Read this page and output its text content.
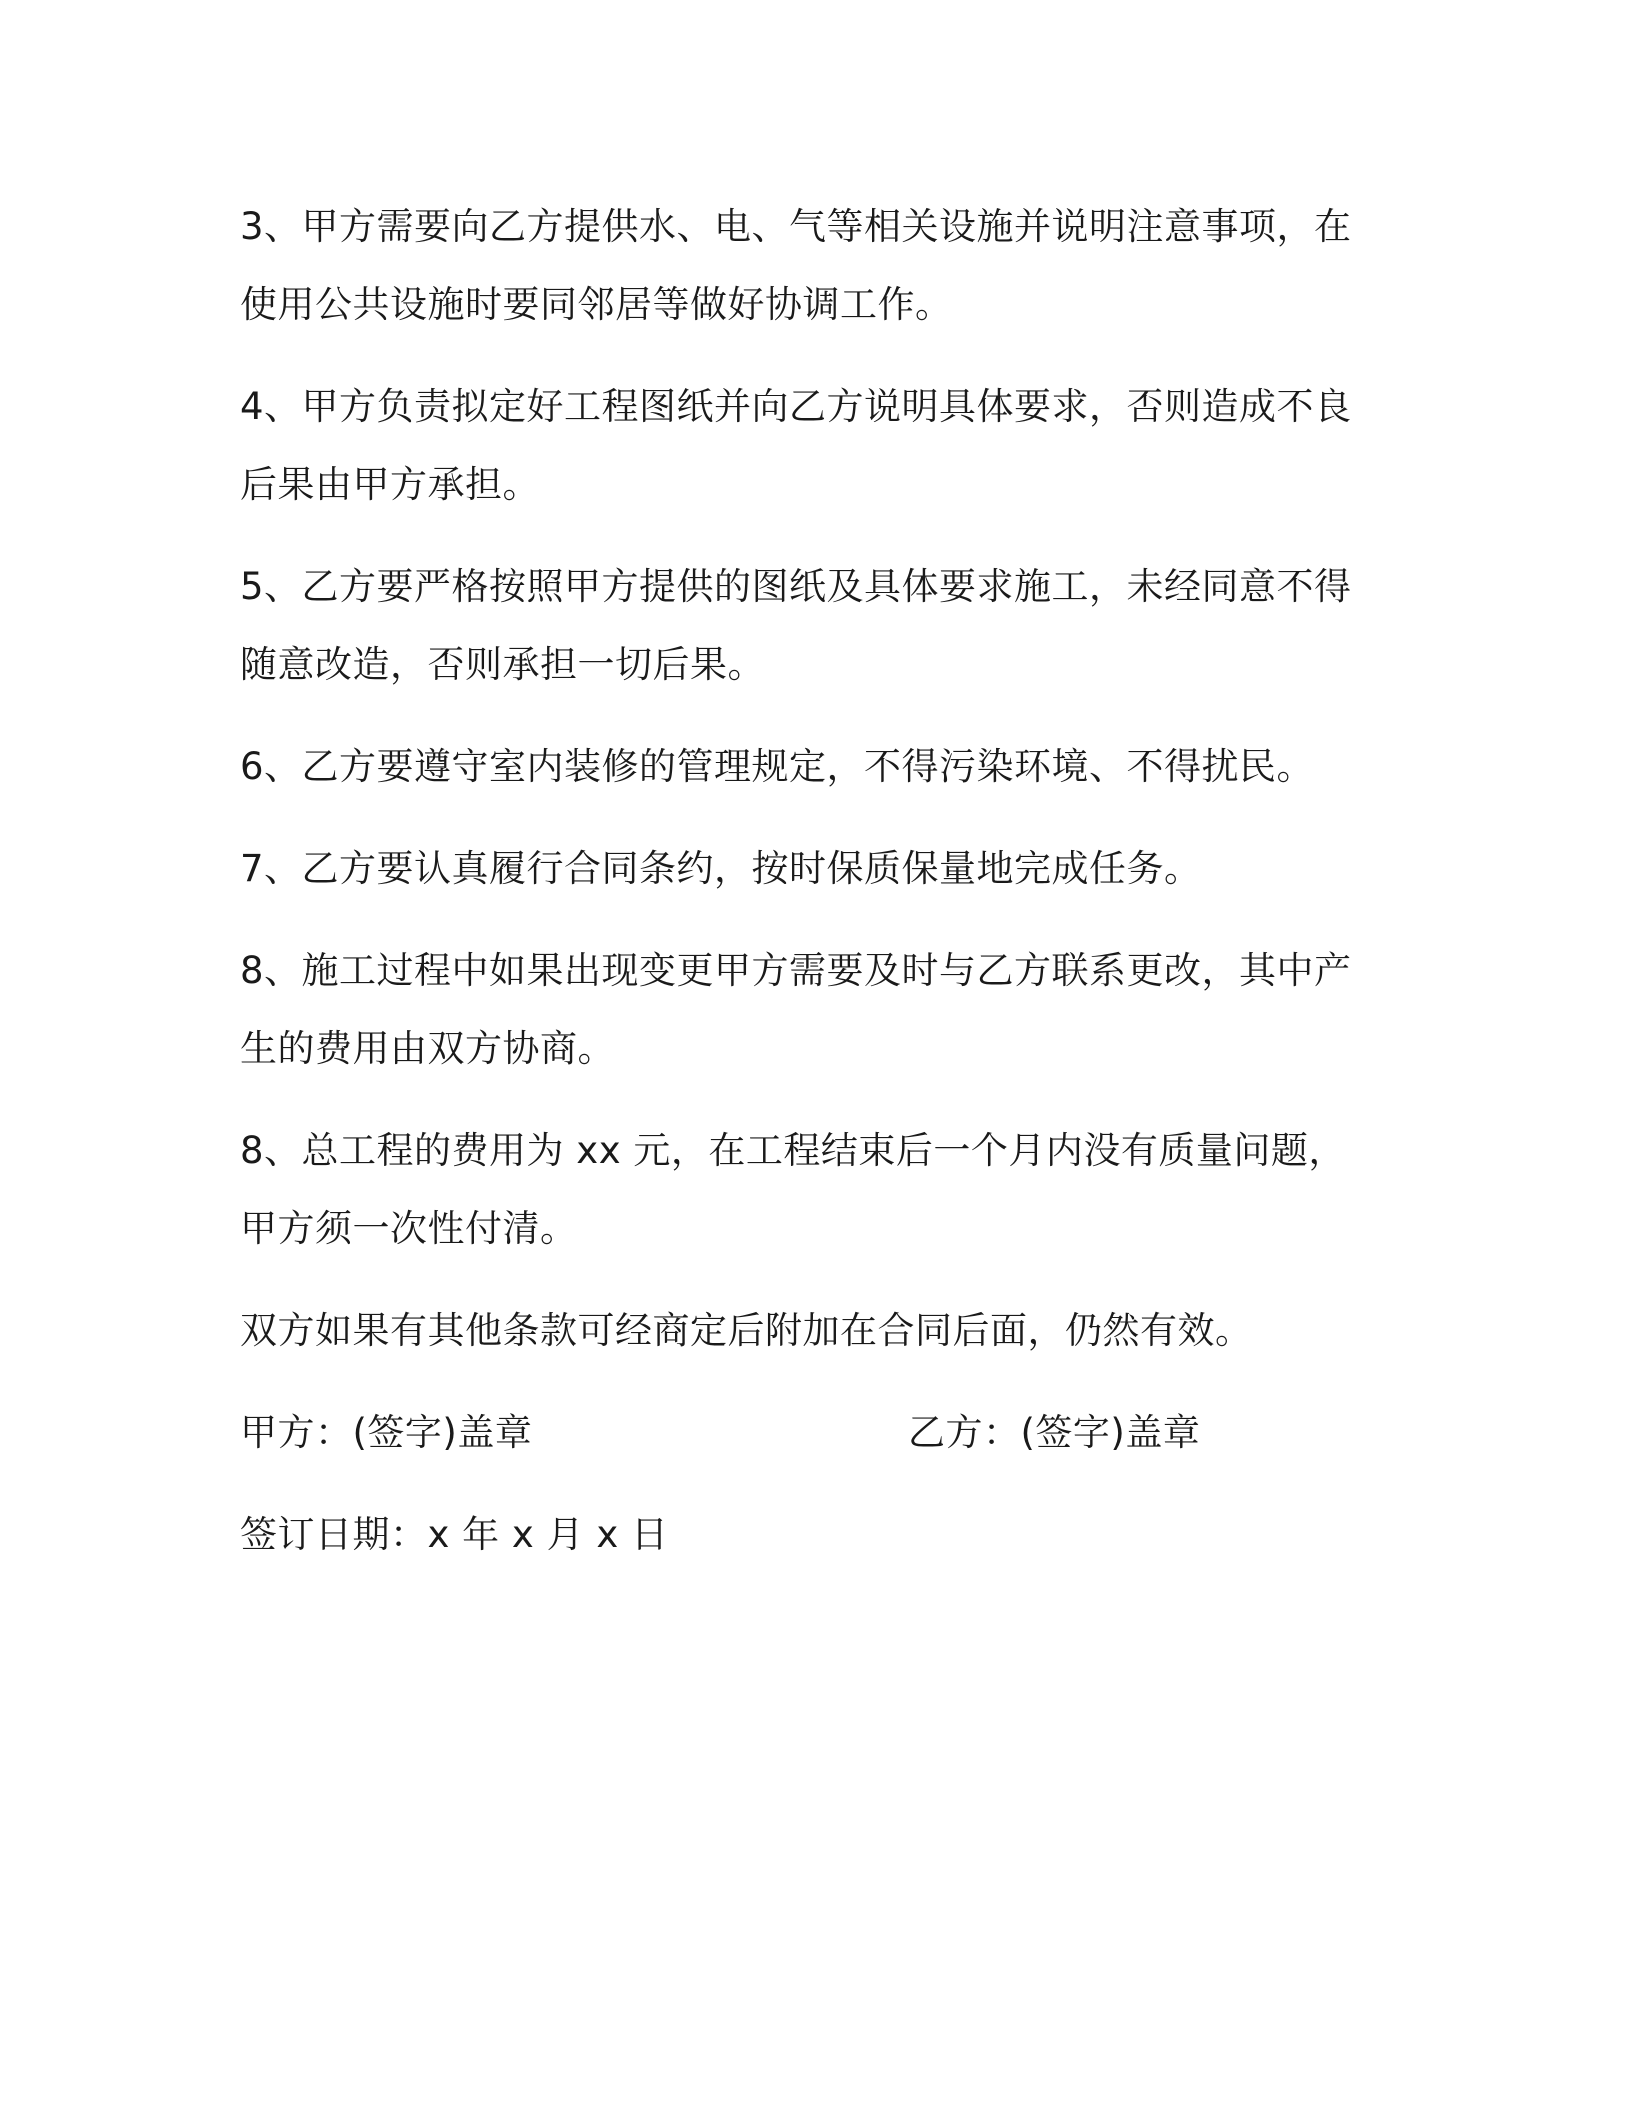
3、甲方需要向乙方提供水、电、气等相关设施并说明注意事项，在使用公共设施时要同邻居等做好协调工作。

4、甲方负责拟定好工程图纸并向乙方说明具体要求，否则造成不良后果由甲方承担。

5、乙方要严格按照甲方提供的图纸及具体要求施工，未经同意不得随意改造，否则承担一切后果。

6、乙方要遵守室内装修的管理规定，不得污染环境、不得扰民。

7、乙方要认真履行合同条约，按时保质保量地完成任务。

8、施工过程中如果出现变更甲方需要及时与乙方联系更改，其中产生的费用由双方协商。

8、总工程的费用为 xx 元，在工程结束后一个月内没有质量问题，甲方须一次性付清。

双方如果有其他条款可经商定后附加在合同后面，仍然有效。

甲方：(签字)盖章	乙方：(签字)盖章
签订日期：x 年 x 月 x 日
